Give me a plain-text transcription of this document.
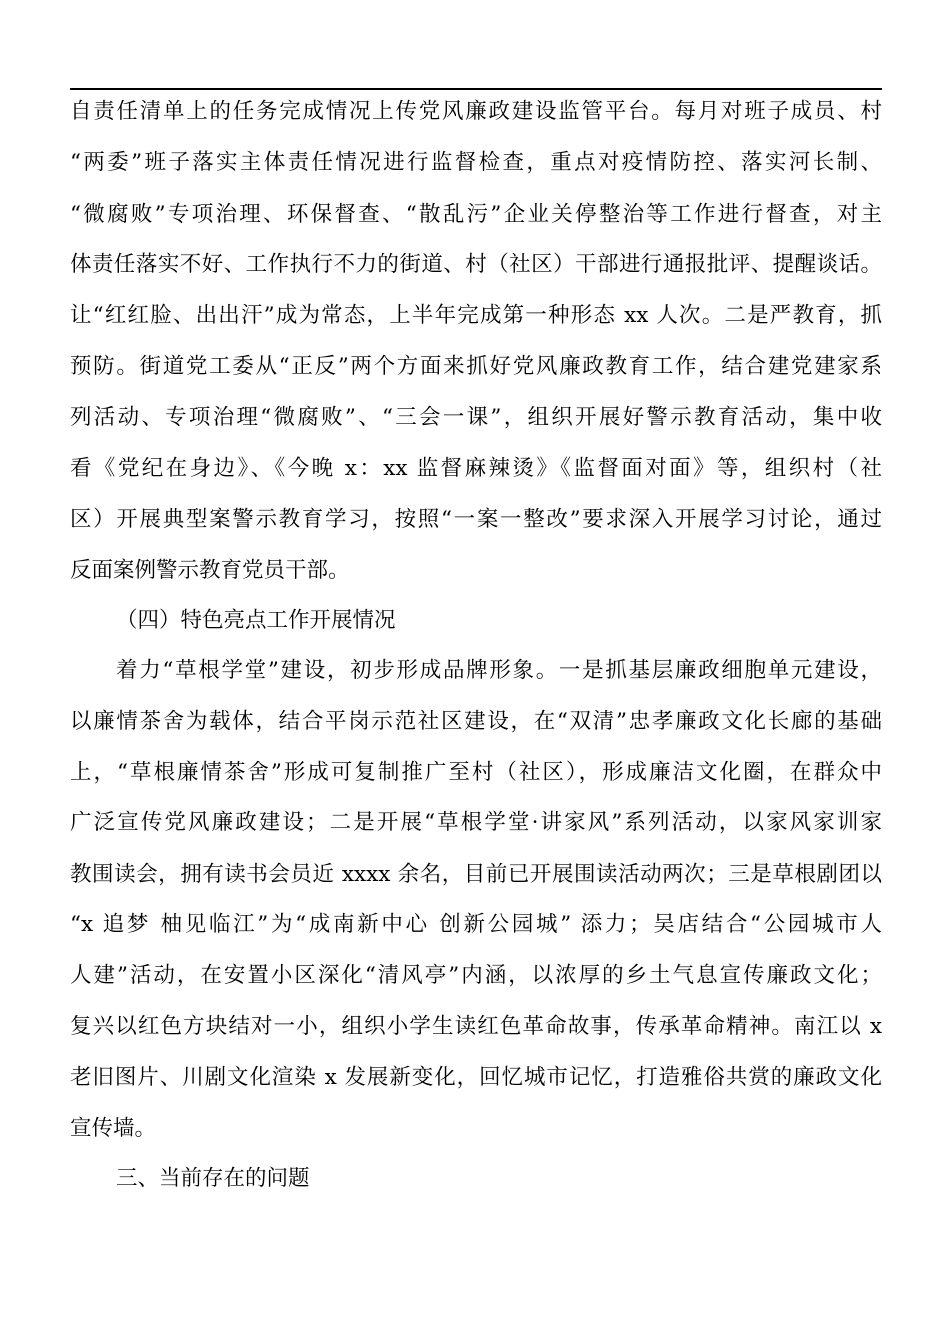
自责任清单上的任务完成情况上传党风廉政建设监管平台。每月对班子成员、村
“两委”班子落实主体责任情况进行监督检查，重点对疫情防控、落实河长制、
“微腐败”专项治理、环保督查、“散乱污”企业关停整治等工作进行督查，对主
体责任落实不好、工作执行不力的街道、村（社区）干部进行通报批评、提醒谈话。
让“红红脸、出出汗”成为常态，上半年完成第一种形态 xx 人次。二是严教育，抓
预防。街道党工委从“正反”两个方面来抓好党风廉政教育工作，结合建党建家系
列活动、专项治理“微腐败”、“三会一课”，组织开展好警示教育活动，集中收
看《党纪在身边》、《今晚 x：xx 监督麻辣烫》《监督面对面》等，组织村（社
区）开展典型案警示教育学习，按照“一案一整改”要求深入开展学习讨论，通过
反面案例警示教育党员干部。
（四）特色亮点工作开展情况
着力“草根学堂”建设，初步形成品牌形象。一是抓基层廉政细胞单元建设，
以廉情茶舍为载体，结合平岗示范社区建设，在“双清”忠孝廉政文化长廊的基础
上，“草根廉情茶舍”形成可复制推广至村（社区），形成廉洁文化圈，在群众中
广泛宣传党风廉政建设；二是开展“草根学堂·讲家风”系列活动，以家风家训家
教围读会，拥有读书会员近 xxxx 余名，目前已开展围读活动两次；三是草根剧团以
“x 追梦 柚见临江”为“成南新中心 创新公园城” 添力；吴店结合“公园城市人
人建”活动，在安置小区深化“清风亭”内涵，以浓厚的乡土气息宣传廉政文化；
复兴以红色方块结对一小，组织小学生读红色革命故事，传承革命精神。南江以 x
老旧图片、川剧文化渲染 x 发展新变化，回忆城市记忆，打造雅俗共赏的廉政文化
宣传墙。
三、当前存在的问题
